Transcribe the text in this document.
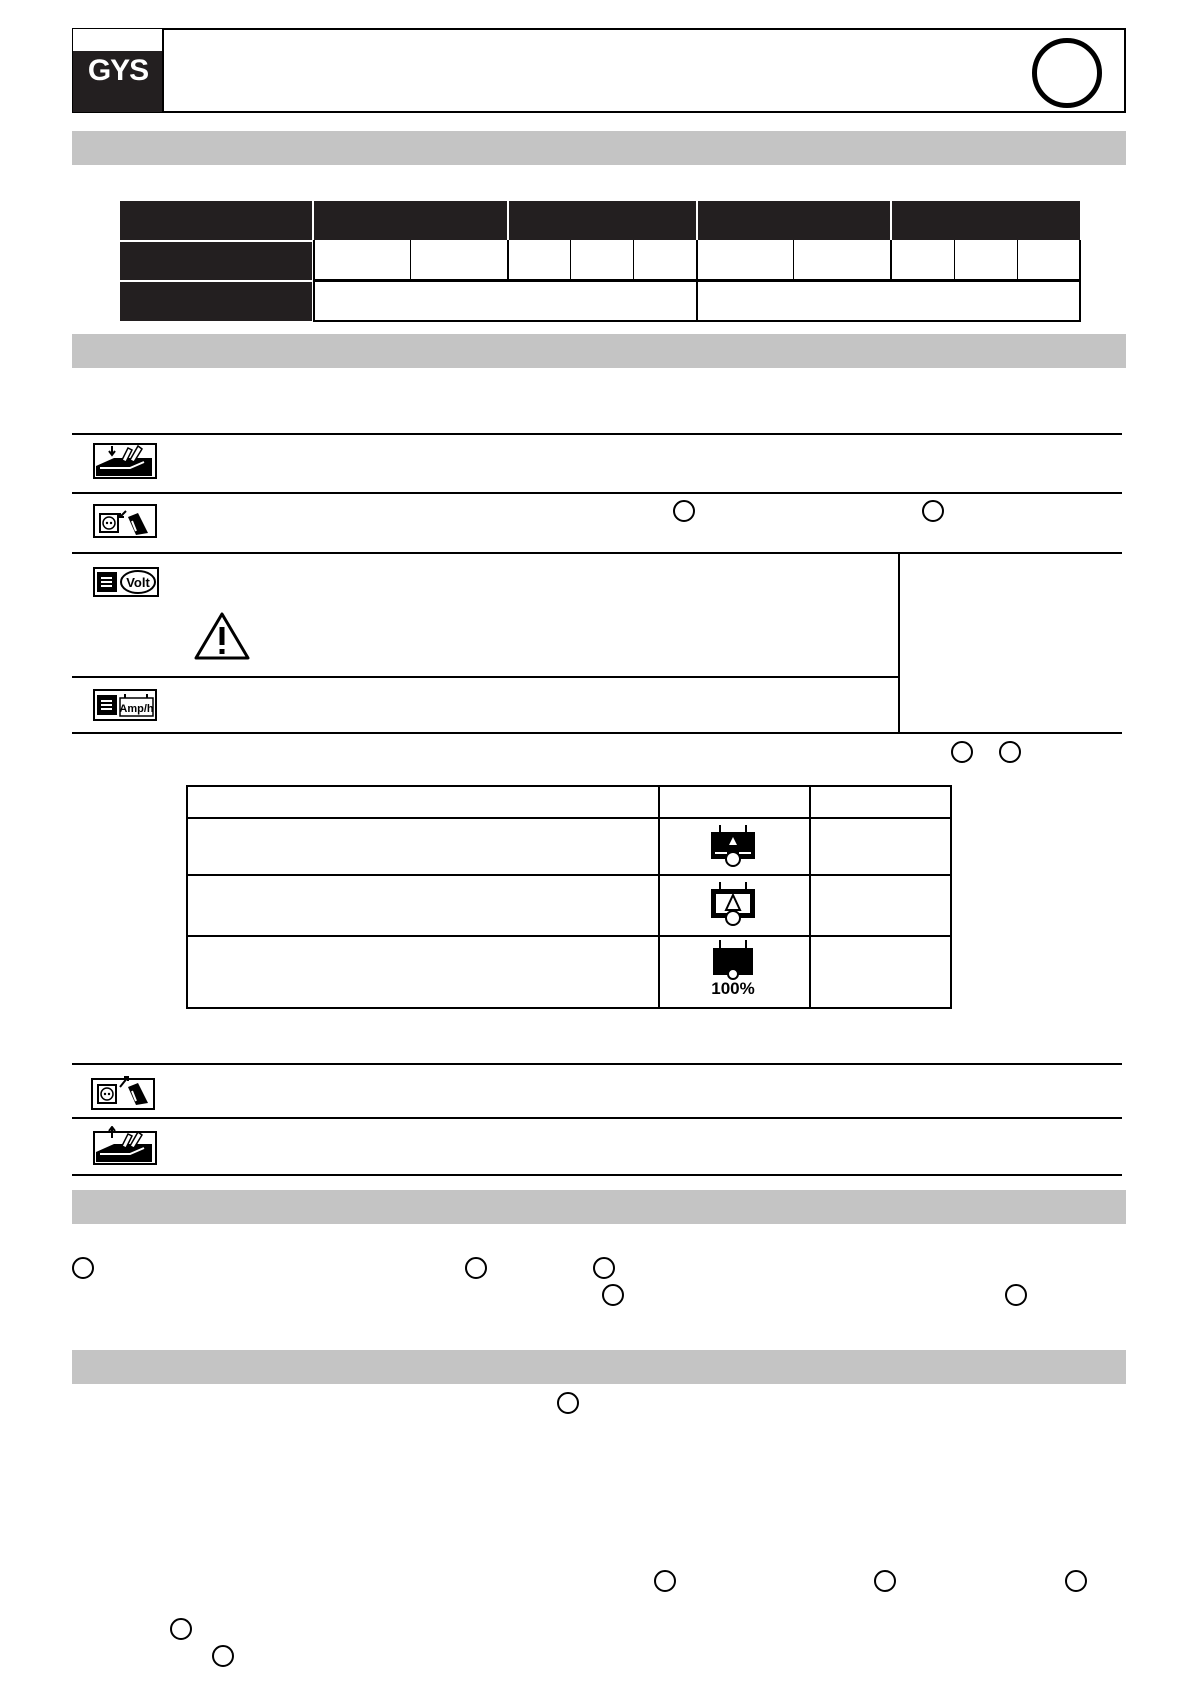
GYS
Volt
Amp/h
100%
